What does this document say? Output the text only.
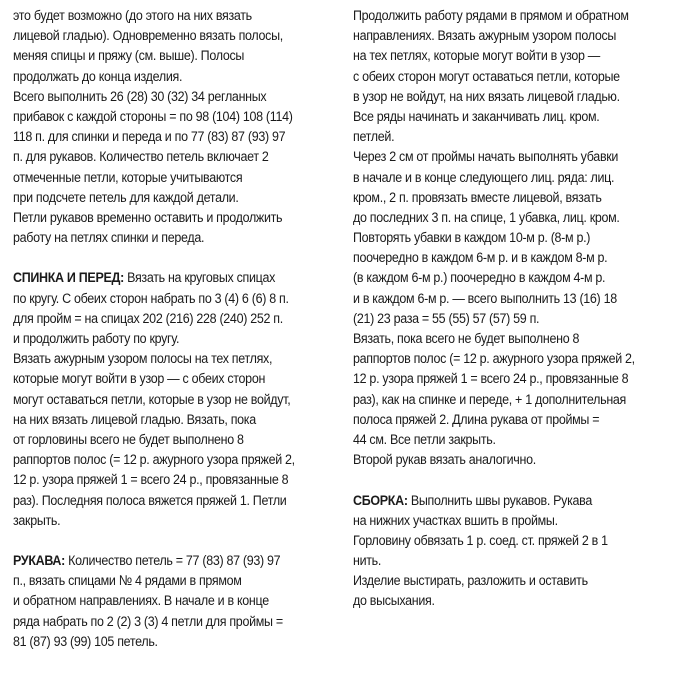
это будет возможно (до этого на них вязать
лицевой гладью). Одновременно вязать полосы,
меняя спицы и пряжу (см. выше). Полосы
продолжать до конца изделия.
Всего выполнить 26 (28) 30 (32) 34 регланных
прибавок с каждой стороны = по 98 (104) 108 (114)
118 п. для спинки и переда и по 77 (83) 87 (93) 97
п. для рукавов. Количество петель включает 2
отмеченные петли, которые учитываются
при подсчете петель для каждой детали.
Петли рукавов временно оставить и продолжить
работу на петлях спинки и переда.
СПИНКА И ПЕРЕД: Вязать на круговых спицах
по кругу. С обеих сторон набрать по 3 (4) 6 (6) 8 п.
для пройм = на спицах 202 (216) 228 (240) 252 п.
и продолжить работу по кругу.
Вязать ажурным узором полосы на тех петлях,
которые могут войти в узор — с обеих сторон
могут оставаться петли, которые в узор не войдут,
на них вязать лицевой гладью. Вязать, пока
от горловины всего не будет выполнено 8
раппортов полос (= 12 р. ажурного узора пряжей 2,
12 р. узора пряжей 1 = всего 24 р., провязанные 8
раз). Последняя полоса вяжется пряжей 1. Петли
закрыть.
РУКАВА: Количество петель = 77 (83) 87 (93) 97
п., вязать спицами № 4 рядами в прямом
и обратном направлениях. В начале и в конце
ряда набрать по 2 (2) 3 (3) 4 петли для проймы =
81 (87) 93 (99) 105 петель.
Продолжить работу рядами в прямом и обратном
направлениях. Вязать ажурным узором полосы
на тех петлях, которые могут войти в узор —
с обеих сторон могут оставаться петли, которые
в узор не войдут, на них вязать лицевой гладью.
Все ряды начинать и заканчивать лиц. кром.
петлей.
Через 2 см от проймы начать выполнять убавки
в начале и в конце следующего лиц. ряда: лиц.
кром., 2 п. провязать вместе лицевой, вязать
до последних 3 п. на спице, 1 убавка, лиц. кром.
Повторять убавки в каждом 10-м р. (8-м р.)
поочередно в каждом 6-м р. и в каждом 8-м р.
(в каждом 6-м р.) поочередно в каждом 4-м р.
и в каждом 6-м р. — всего выполнить 13 (16) 18
(21) 23 раза = 55 (55) 57 (57) 59 п.
Вязать, пока всего не будет выполнено 8
раппортов полос (= 12 р. ажурного узора пряжей 2,
12 р. узора пряжей 1 = всего 24 р., провязанные 8
раз), как на спинке и переде, + 1 дополнительная
полоса пряжей 2. Длина рукава от проймы =
44 см. Все петли закрыть.
Второй рукав вязать аналогично.
СБОРКА: Выполнить швы рукавов. Рукава
на нижних участках вшить в проймы.
Горловину обвязать 1 р. соед. ст. пряжей 2 в 1
нить.
Изделие выстирать, разложить и оставить
до высыхания.
